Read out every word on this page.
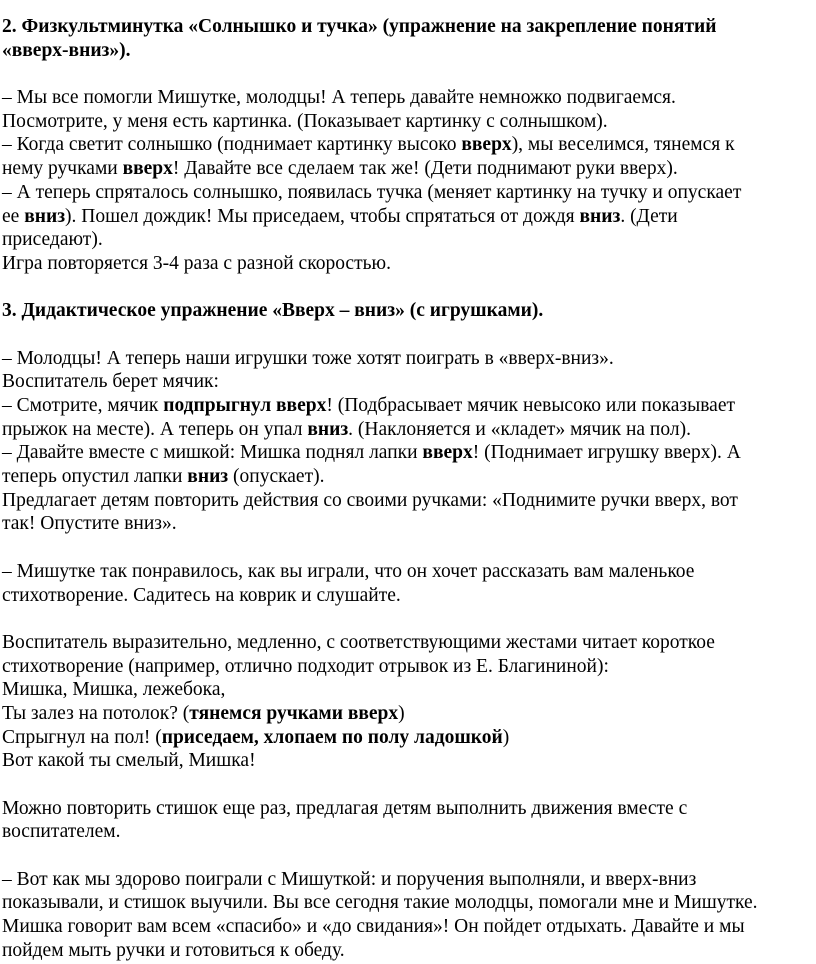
2. Физкультминутка «Солнышко и тучка» (упражнение на закрепление понятий
«вверх-вниз»).
– Мы все помогли Мишутке, молодцы! А теперь давайте немножко подвигаемся.
Посмотрите, у меня есть картинка. (Показывает картинку с солнышком).
– Когда светит солнышко (поднимает картинку высоко вверх), мы веселимся, тянемся к
нему ручками вверх! Давайте все сделаем так же! (Дети поднимают руки вверх).
– А теперь спряталось солнышко, появилась тучка (меняет картинку на тучку и опускает
ее вниз). Пошел дождик! Мы приседаем, чтобы спрятаться от дождя вниз. (Дети
приседают).
Игра повторяется 3-4 раза с разной скоростью.
3. Дидактическое упражнение «Вверх – вниз» (с игрушками).
– Молодцы! А теперь наши игрушки тоже хотят поиграть в «вверх-вниз».
Воспитатель берет мячик:
– Смотрите, мячик подпрыгнул вверх! (Подбрасывает мячик невысоко или показывает
прыжок на месте). А теперь он упал вниз. (Наклоняется и «кладет» мячик на пол).
– Давайте вместе с мишкой: Мишка поднял лапки вверх! (Поднимает игрушку вверх). А
теперь опустил лапки вниз (опускает).
Предлагает детям повторить действия со своими ручками: «Поднимите ручки вверх, вот
так! Опустите вниз».
– Мишутке так понравилось, как вы играли, что он хочет рассказать вам маленькое
стихотворение. Садитесь на коврик и слушайте.
Воспитатель выразительно, медленно, с соответствующими жестами читает короткое
стихотворение (например, отлично подходит отрывок из Е. Благининой):
Мишка, Мишка, лежебока,
Ты залез на потолок? (тянемся ручками вверх)
Спрыгнул на пол! (приседаем, хлопаем по полу ладошкой)
Вот какой ты смелый, Мишка!
Можно повторить стишок еще раз, предлагая детям выполнить движения вместе с
воспитателем.
– Вот как мы здорово поиграли с Мишуткой: и поручения выполняли, и вверх-вниз
показывали, и стишок выучили. Вы все сегодня такие молодцы, помогали мне и Мишутке.
Мишка говорит вам всем «спасибо» и «до свидания»! Он пойдет отдыхать. Давайте и мы
пойдем мыть ручки и готовиться к обеду.
